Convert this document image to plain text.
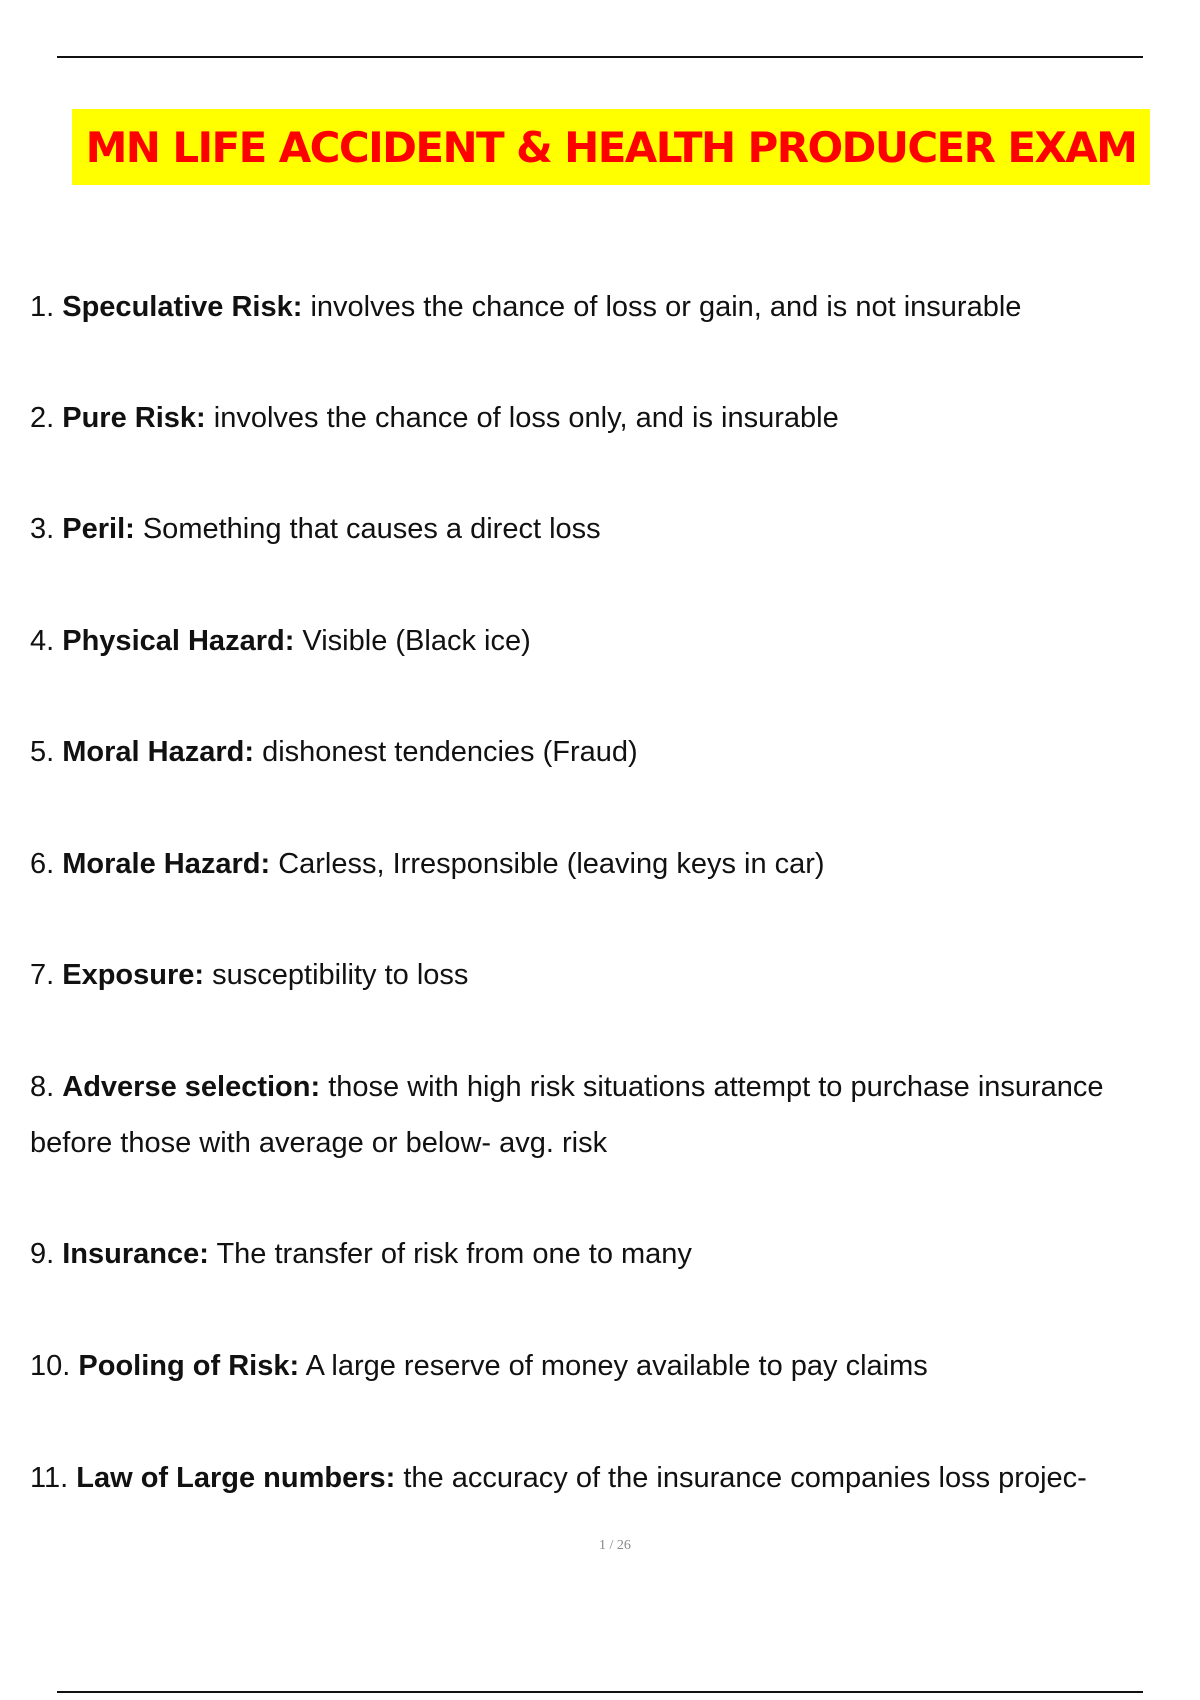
MN LIFE ACCIDENT & HEALTH PRODUCER EXAM
1. Speculative Risk: involves the chance of loss or gain, and is not insurable
2. Pure Risk: involves the chance of loss only, and is insurable
3. Peril: Something that causes a direct loss
4. Physical Hazard: Visible (Black ice)
5. Moral Hazard: dishonest tendencies (Fraud)
6. Morale Hazard: Carless, Irresponsible (leaving keys in car)
7. Exposure: susceptibility to loss
8. Adverse selection: those with high risk situations attempt to purchase insurance
before those with average or below- avg. risk
9. Insurance: The transfer of risk from one to many
10. Pooling of Risk: A large reserve of money available to pay claims
11. Law of Large numbers: the accuracy of the insurance companies loss projec-
1 / 26
